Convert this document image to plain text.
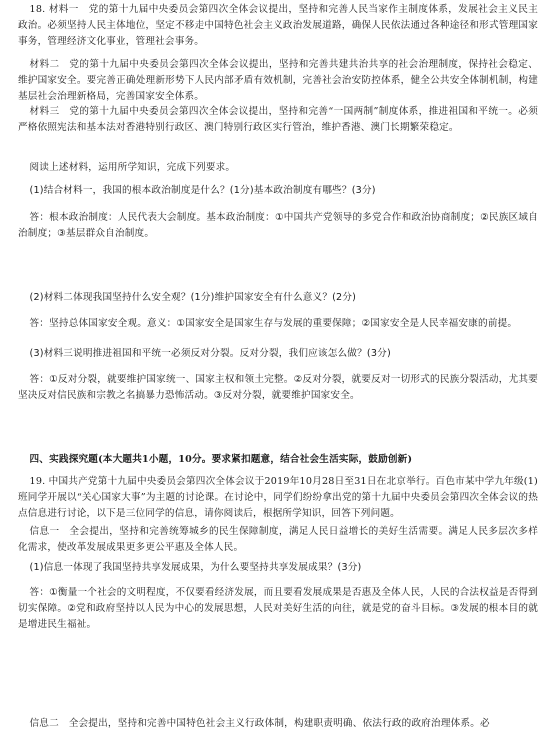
18. 材料一　党的第十九届中央委员会第四次全体会议提出，坚持和完善人民当家作主制度体系，发展社会主义民主政治。必须坚持人民主体地位，坚定不移走中国特色社会主义政治发展道路，确保人民依法通过各种途径和形式管理国家事务，管理经济文化事业，管理社会事务。

材料二　党的第十九届中央委员会第四次全体会议提出，坚持和完善共建共治共享的社会治理制度，保持社会稳定、维护国家安全。要完善正确处理新形势下人民内部矛盾有效机制，完善社会治安防控体系，健全公共安全体制机制，构建基层社会治理新格局，完善国家安全体系。

材料三　党的第十九届中央委员会第四次全体会议提出，坚持和完善“一国两制”制度体系，推进祖国和平统一。必须严格依照宪法和基本法对香港特别行政区、澳门特别行政区实行管治，维护香港、澳门长期繁荣稳定。

阅读上述材料，运用所学知识，完成下列要求。

(1)结合材料一，我国的根本政治制度是什么？(1分)基本政治制度有哪些？(3分)

答：根本政治制度：人民代表大会制度。基本政治制度：①中国共产党领导的多党合作和政治协商制度；②民族区域自治制度；③基层群众自治制度。

(2)材料二体现我国坚持什么安全观？(1分)维护国家安全有什么意义？(2分)

答：坚持总体国家安全观。意义：①国家安全是国家生存与发展的重要保障；②国家安全是人民幸福安康的前提。

(3)材料三说明推进祖国和平统一必须反对分裂。反对分裂，我们应该怎么做？(3分)

答：①反对分裂，就要维护国家统一、国家主权和领土完整。②反对分裂，就要反对一切形式的民族分裂活动，尤其要坚决反对信民族和宗教之名搞暴力恐怖活动。③反对分裂，就要维护国家安全。

四、实践探究题(本大题共1小题，10分。要求紧扣题意，结合社会生活实际，鼓励创新)

19. 中国共产党第十九届中央委员会第四次全体会议于2019年10月28日至31日在北京举行。百色市某中学九年级(1)班同学开展以“关心国家大事”为主题的讨论课。在讨论中，同学们纷纷拿出党的第十九届中央委员会第四次全体会议的热点信息进行讨论，以下是三位同学的信息，请你阅读后，根据所学知识，回答下列问题。

信息一　全会提出，坚持和完善统筹城乡的民生保障制度，满足人民日益增长的美好生活需要。满足人民多层次多样化需求，使改革发展成果更多更公平惠及全体人民。

(1)信息一体现了我国坚持共享发展成果，为什么要坚持共享发展成果？(3分)

答：①衡量一个社会的文明程度，不仅要看经济发展，而且要看发展成果是否惠及全体人民，人民的合法权益是否得到切实保障。②党和政府坚持以人民为中心的发展思想，人民对美好生活的向往，就是党的奋斗目标。③发展的根本目的就是增进民生福祉。

信息二　全会提出，坚持和完善中国特色社会主义行政体制，构建职责明确、依法行政的政府治理体系。必
